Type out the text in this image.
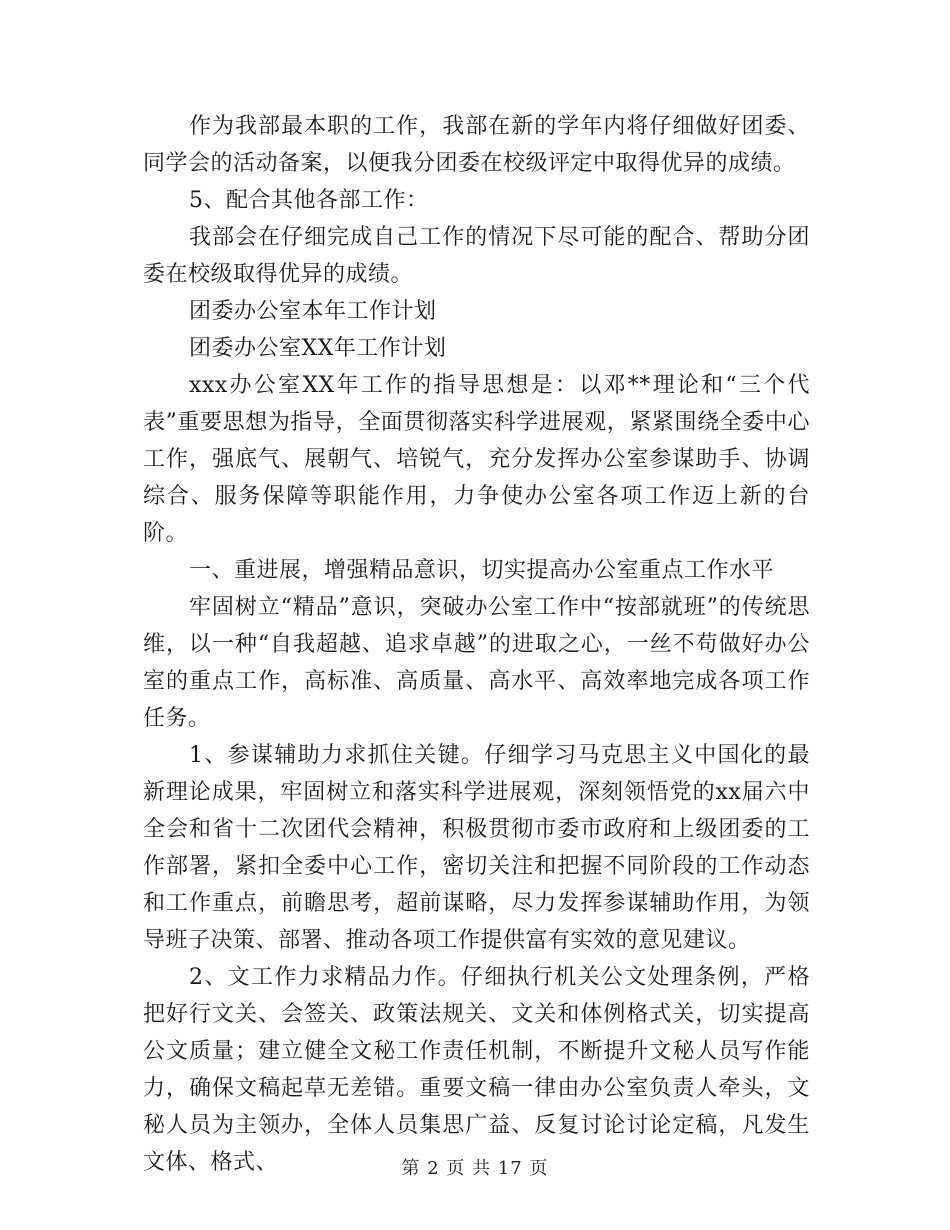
作为我部最本职的工作，我部在新的学年内将仔细做好团委、同学会的活动备案，以便我分团委在校级评定中取得优异的成绩。

5、配合其他各部工作：

我部会在仔细完成自己工作的情况下尽可能的配合、帮助分团委在校级取得优异的成绩。

团委办公室本年工作计划

团委办公室XX年工作计划

xxx办公室XX年工作的指导思想是：以邓**理论和“三个代表”重要思想为指导，全面贯彻落实科学进展观，紧紧围绕全委中心工作，强底气、展朝气、培锐气，充分发挥办公室参谋助手、协调综合、服务保障等职能作用，力争使办公室各项工作迈上新的台阶。

一、重进展，增强精品意识，切实提高办公室重点工作水平

牢固树立“精品”意识，突破办公室工作中“按部就班”的传统思维，以一种“自我超越、追求卓越”的进取之心，一丝不苟做好办公室的重点工作，高标准、高质量、高水平、高效率地完成各项工作任务。

1、参谋辅助力求抓住关键。仔细学习马克思主义中国化的最新理论成果，牢固树立和落实科学进展观，深刻领悟党的xx届六中全会和省十二次团代会精神，积极贯彻市委市政府和上级团委的工作部署，紧扣全委中心工作，密切关注和把握不同阶段的工作动态和工作重点，前瞻思考，超前谋略，尽力发挥参谋辅助作用，为领导班子决策、部署、推动各项工作提供富有实效的意见建议。

2、文工作力求精品力作。仔细执行机关公文处理条例，严格把好行文关、会签关、政策法规关、文关和体例格式关，切实提高公文质量；建立健全文秘工作责任机制，不断提升文秘人员写作能力，确保文稿起草无差错。重要文稿一律由办公室负责人牵头，文秘人员为主领办，全体人员集思广益、反复讨论讨论定稿，凡发生文体、格式、	第 2 页 共 17 页
